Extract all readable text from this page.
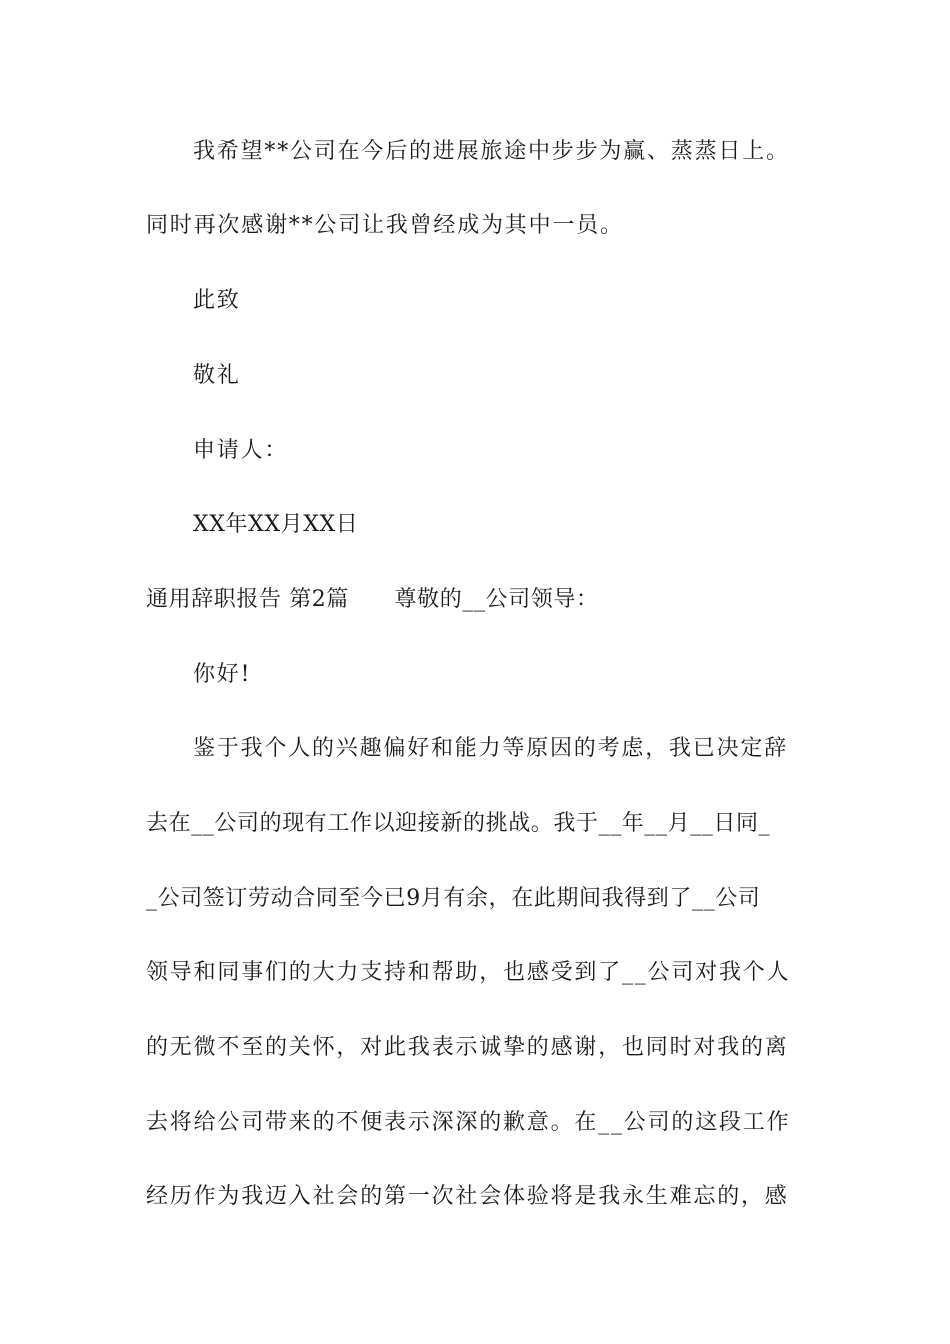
我希望**公司在今后的进展旅途中步步为赢、蒸蒸日上。
同时再次感谢**公司让我曾经成为其中一员。
此致
敬礼
申请人：
XX年XX月XX日
通用辞职报告 第2篇      尊敬的__公司领导：
你好!
鉴于我个人的兴趣偏好和能力等原因的考虑，我已决定辞
去在__公司的现有工作以迎接新的挑战。我于__年__月__日同_
_公司签订劳动合同至今已9月有余，在此期间我得到了__公司
领导和同事们的大力支持和帮助，也感受到了__公司对我个人
的无微不至的关怀，对此我表示诚挚的感谢，也同时对我的离
去将给公司带来的不便表示深深的歉意。在__公司的这段工作
经历作为我迈入社会的第一次社会体验将是我永生难忘的，感
